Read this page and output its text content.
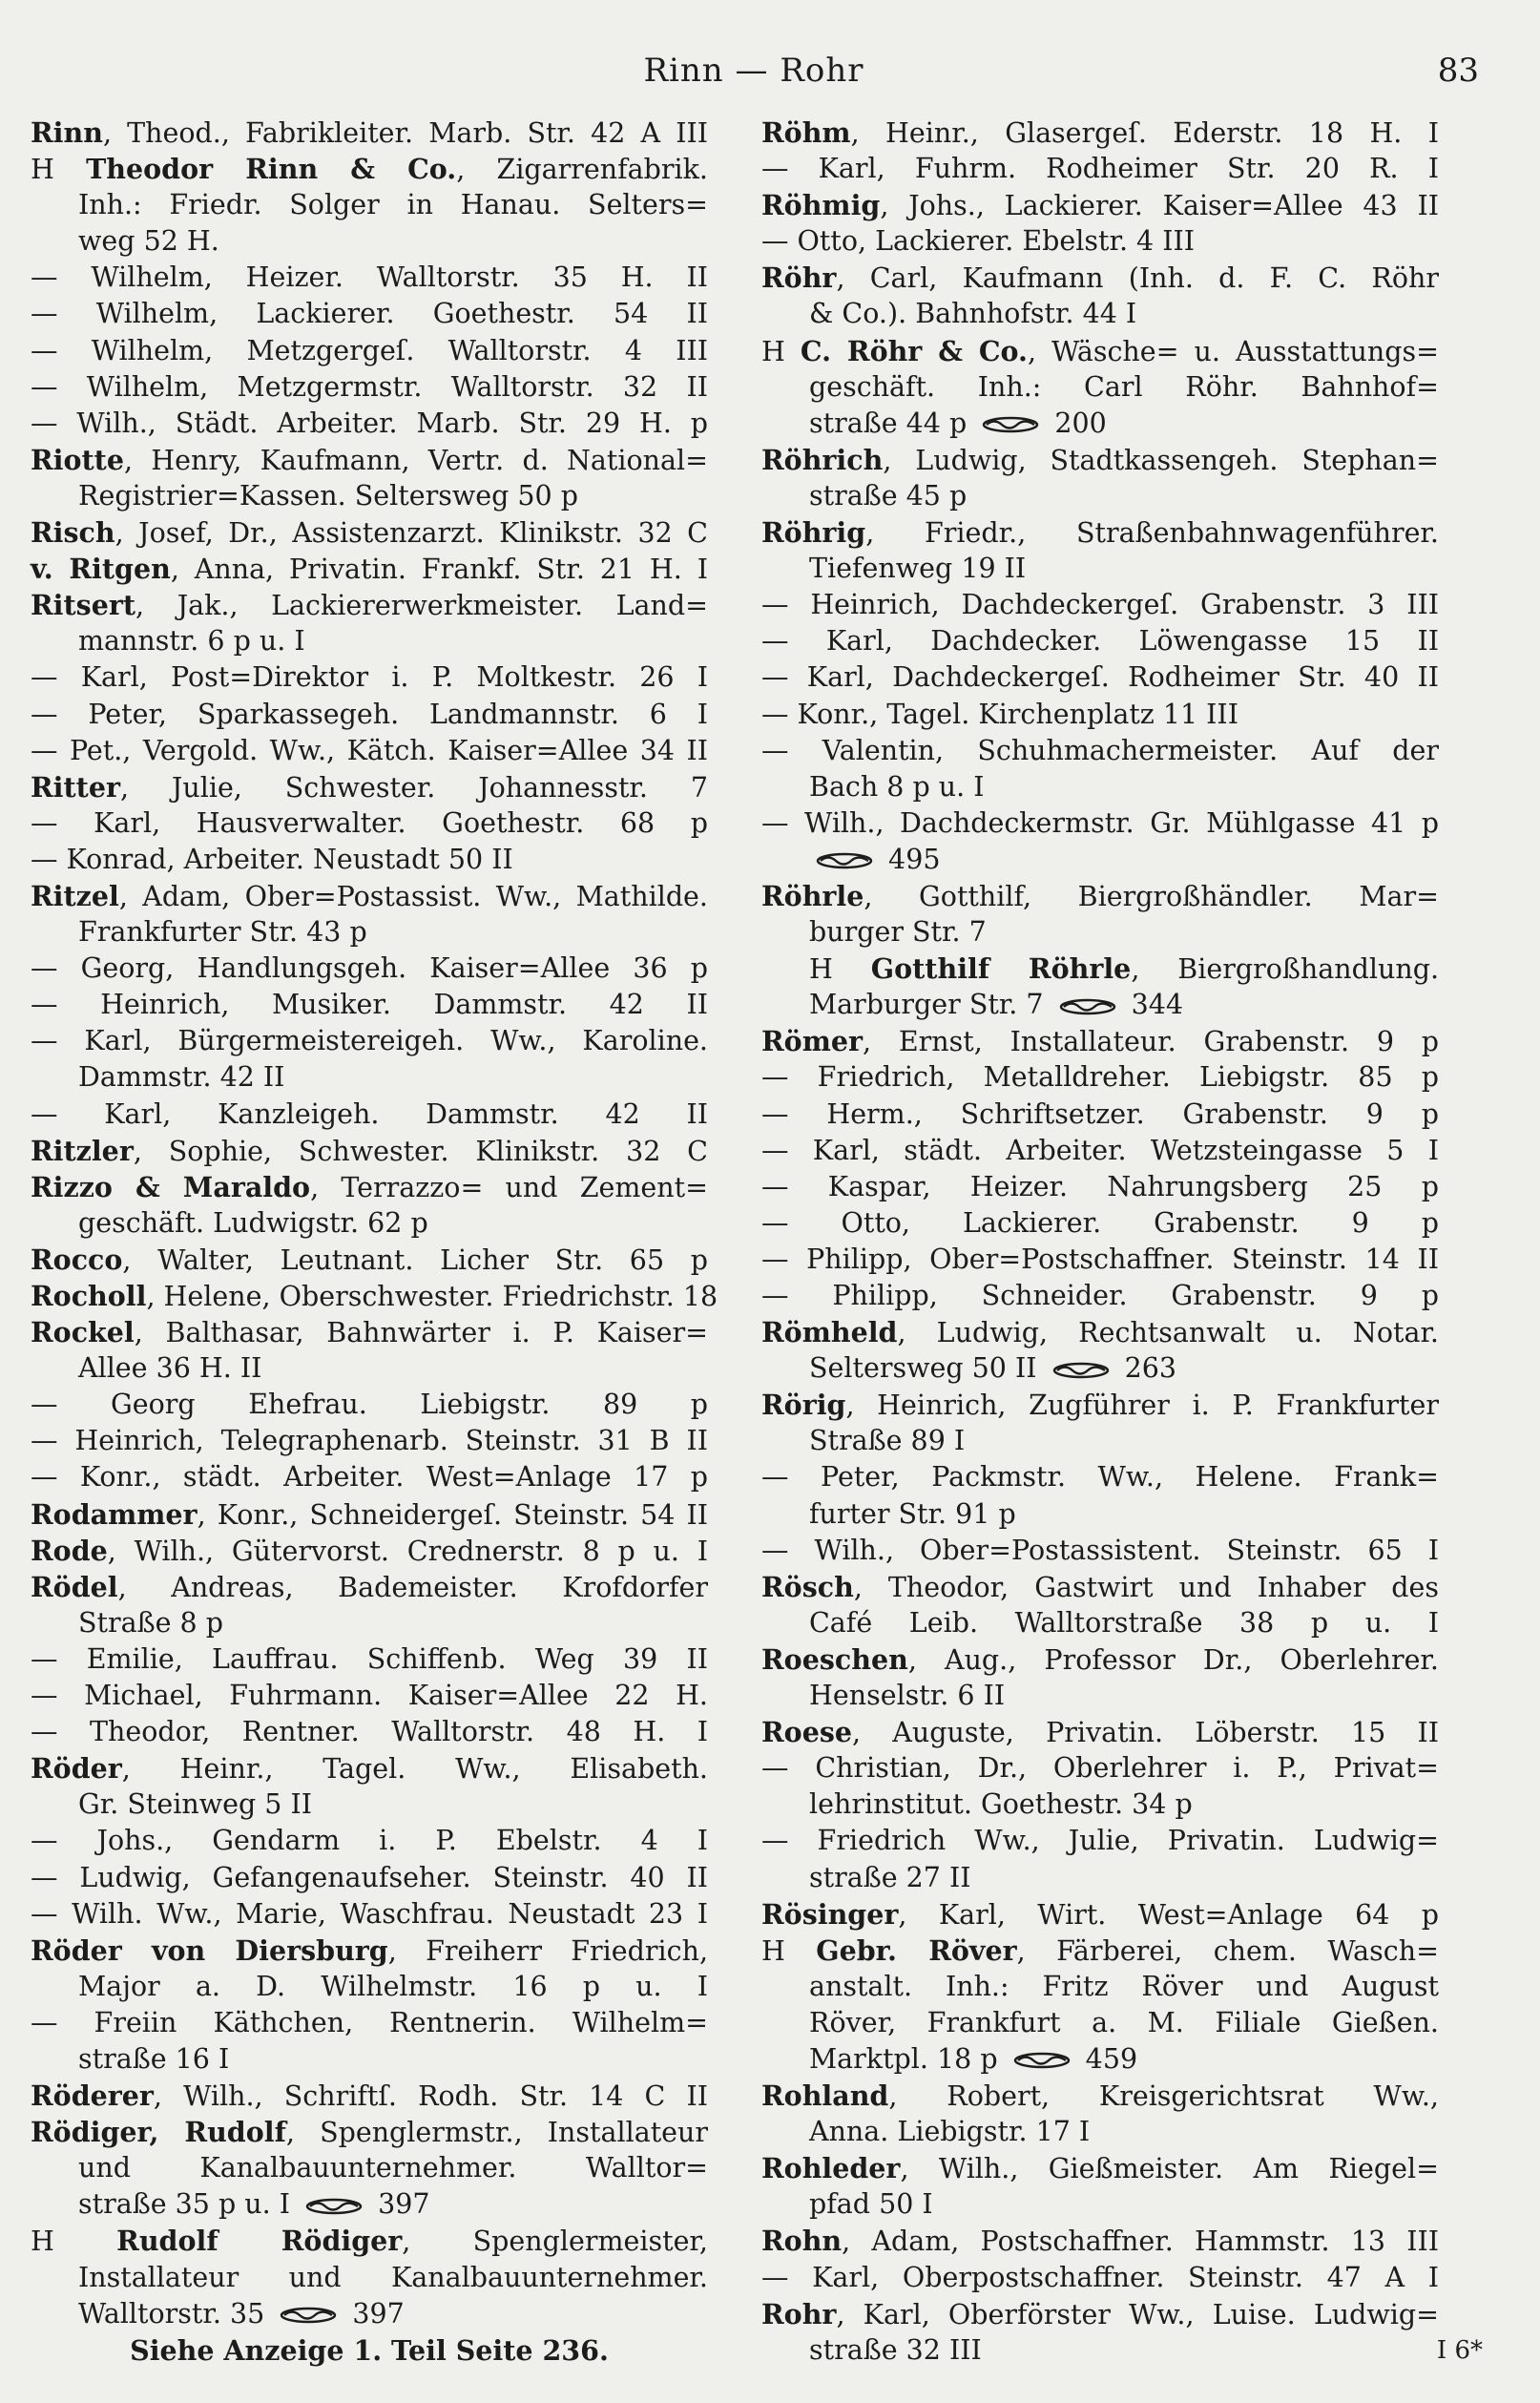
Rinn — Rohr	83
Rinn, Theod., Fabrikleiter. Marb. Str. 42 A III
H Theodor Rinn & Co., Zigarrenfabrik.
Inh.: Friedr. Solger in Hanau. Selters=
weg 52 H.
— Wilhelm, Heizer. Walltorstr. 35 H. II
— Wilhelm, Lackierer. Goethestr. 54 II
— Wilhelm, Metzgergeſ. Walltorstr. 4 III
— Wilhelm, Metzgermstr. Walltorstr. 32 II
— Wilh., Städt. Arbeiter. Marb. Str. 29 H. p
Riotte, Henry, Kaufmann, Vertr. d. National=
Registrier=Kassen. Seltersweg 50 p
Risch, Josef, Dr., Assistenzarzt. Klinikstr. 32 C
v. Ritgen, Anna, Privatin. Frankf. Str. 21 H. I
Ritsert, Jak., Lackiererwerkmeister. Land=
mannstr. 6 p u. I
— Karl, Post=Direktor i. P. Moltkestr. 26 I
— Peter, Sparkassegeh. Landmannstr. 6 I
— Pet., Vergold. Ww., Kätch. Kaiser=Allee 34 II
Ritter, Julie, Schwester. Johannesstr. 7
— Karl, Hausverwalter. Goethestr. 68 p
— Konrad, Arbeiter. Neustadt 50 II
Ritzel, Adam, Ober=Postassist. Ww., Mathilde.
Frankfurter Str. 43 p
— Georg, Handlungsgeh. Kaiser=Allee 36 p
— Heinrich, Musiker. Dammstr. 42 II
— Karl, Bürgermeistereigeh. Ww., Karoline.
Dammstr. 42 II
— Karl, Kanzleigeh. Dammstr. 42 II
Ritzler, Sophie, Schwester. Klinikstr. 32 C
Rizzo & Maraldo, Terrazzo= und Zement=
geschäft. Ludwigstr. 62 p
Rocco, Walter, Leutnant. Licher Str. 65 p
Rocholl, Helene, Oberschwester. Friedrichstr. 18
Rockel, Balthasar, Bahnwärter i. P. Kaiser=
Allee 36 H. II
— Georg Ehefrau. Liebigstr. 89 p
— Heinrich, Telegraphenarb. Steinstr. 31 B II
— Konr., städt. Arbeiter. West=Anlage 17 p
Rodammer, Konr., Schneidergeſ. Steinstr. 54 II
Rode, Wilh., Gütervorst. Crednerstr. 8 p u. I
Rödel, Andreas, Bademeister. Krofdorfer
Straße 8 p
— Emilie, Lauffrau. Schiffenb. Weg 39 II
— Michael, Fuhrmann. Kaiser=Allee 22 H.
— Theodor, Rentner. Walltorstr. 48 H. I
Röder, Heinr., Tagel. Ww., Elisabeth.
Gr. Steinweg 5 II
— Johs., Gendarm i. P. Ebelstr. 4 I
— Ludwig, Gefangenaufseher. Steinstr. 40 II
— Wilh. Ww., Marie, Waschfrau. Neustadt 23 I
Röder von Diersburg, Freiherr Friedrich,
Major a. D. Wilhelmstr. 16 p u. I
— Freiin Käthchen, Rentnerin. Wilhelm=
straße 16 I
Röderer, Wilh., Schriftſ. Rodh. Str. 14 C II
Rödiger, Rudolf, Spenglermstr., Installateur
und Kanalbauunternehmer. Walltor=
straße 35 p u. I	397
H Rudolf Rödiger, Spenglermeister,
Installateur und Kanalbauunternehmer.
Walltorstr. 35	397
Siehe Anzeige 1. Teil Seite 236.
Röhm, Heinr., Glasergeſ. Ederstr. 18 H. I
— Karl, Fuhrm. Rodheimer Str. 20 R. I
Röhmig, Johs., Lackierer. Kaiser=Allee 43 II
— Otto, Lackierer. Ebelstr. 4 III
Röhr, Carl, Kaufmann (Inh. d. F. C. Röhr
& Co.). Bahnhofstr. 44 I
H C. Röhr & Co., Wäsche= u. Ausstattungs=
geschäft. Inh.: Carl Röhr. Bahnhof=
straße 44 p	200
Röhrich, Ludwig, Stadtkassengeh. Stephan=
straße 45 p
Röhrig, Friedr., Straßenbahnwagenführer.
Tiefenweg 19 II
— Heinrich, Dachdeckergeſ. Grabenstr. 3 III
— Karl, Dachdecker. Löwengasse 15 II
— Karl, Dachdeckergeſ. Rodheimer Str. 40 II
— Konr., Tagel. Kirchenplatz 11 III
— Valentin, Schuhmachermeister. Auf der
Bach 8 p u. I
— Wilh., Dachdeckermstr. Gr. Mühlgasse 41 p
495
Röhrle, Gotthilf, Biergroßhändler. Mar=
burger Str. 7
H Gotthilf Röhrle, Biergroßhandlung.
Marburger Str. 7	344
Römer, Ernst, Installateur. Grabenstr. 9 p
— Friedrich, Metalldreher. Liebigstr. 85 p
— Herm., Schriftsetzer. Grabenstr. 9 p
— Karl, städt. Arbeiter. Wetzsteingasse 5 I
— Kaspar, Heizer. Nahrungsberg 25 p
— Otto, Lackierer. Grabenstr. 9 p
— Philipp, Ober=Postschaffner. Steinstr. 14 II
— Philipp, Schneider. Grabenstr. 9 p
Römheld, Ludwig, Rechtsanwalt u. Notar.
Seltersweg 50 II	263
Rörig, Heinrich, Zugführer i. P. Frankfurter
Straße 89 I
— Peter, Packmstr. Ww., Helene. Frank=
furter Str. 91 p
— Wilh., Ober=Postassistent. Steinstr. 65 I
Rösch, Theodor, Gastwirt und Inhaber des
Café Leib. Walltorstraße 38 p u. I
Roeschen, Aug., Professor Dr., Oberlehrer.
Henselstr. 6 II
Roese, Auguste, Privatin. Löberstr. 15 II
— Christian, Dr., Oberlehrer i. P., Privat=
lehrinstitut. Goethestr. 34 p
— Friedrich Ww., Julie, Privatin. Ludwig=
straße 27 II
Rösinger, Karl, Wirt. West=Anlage 64 p
H Gebr. Röver, Färberei, chem. Wasch=
anstalt. Inh.: Fritz Röver und August
Röver, Frankfurt a. M. Filiale Gießen.
Marktpl. 18 p	459
Rohland, Robert, Kreisgerichtsrat Ww.,
Anna. Liebigstr. 17 I
Rohleder, Wilh., Gießmeister. Am Riegel=
pfad 50 I
Rohn, Adam, Postschaffner. Hammstr. 13 III
— Karl, Oberpostschaffner. Steinstr. 47 A I
Rohr, Karl, Oberförster Ww., Luise. Ludwig=
straße 32 III	I 6*
